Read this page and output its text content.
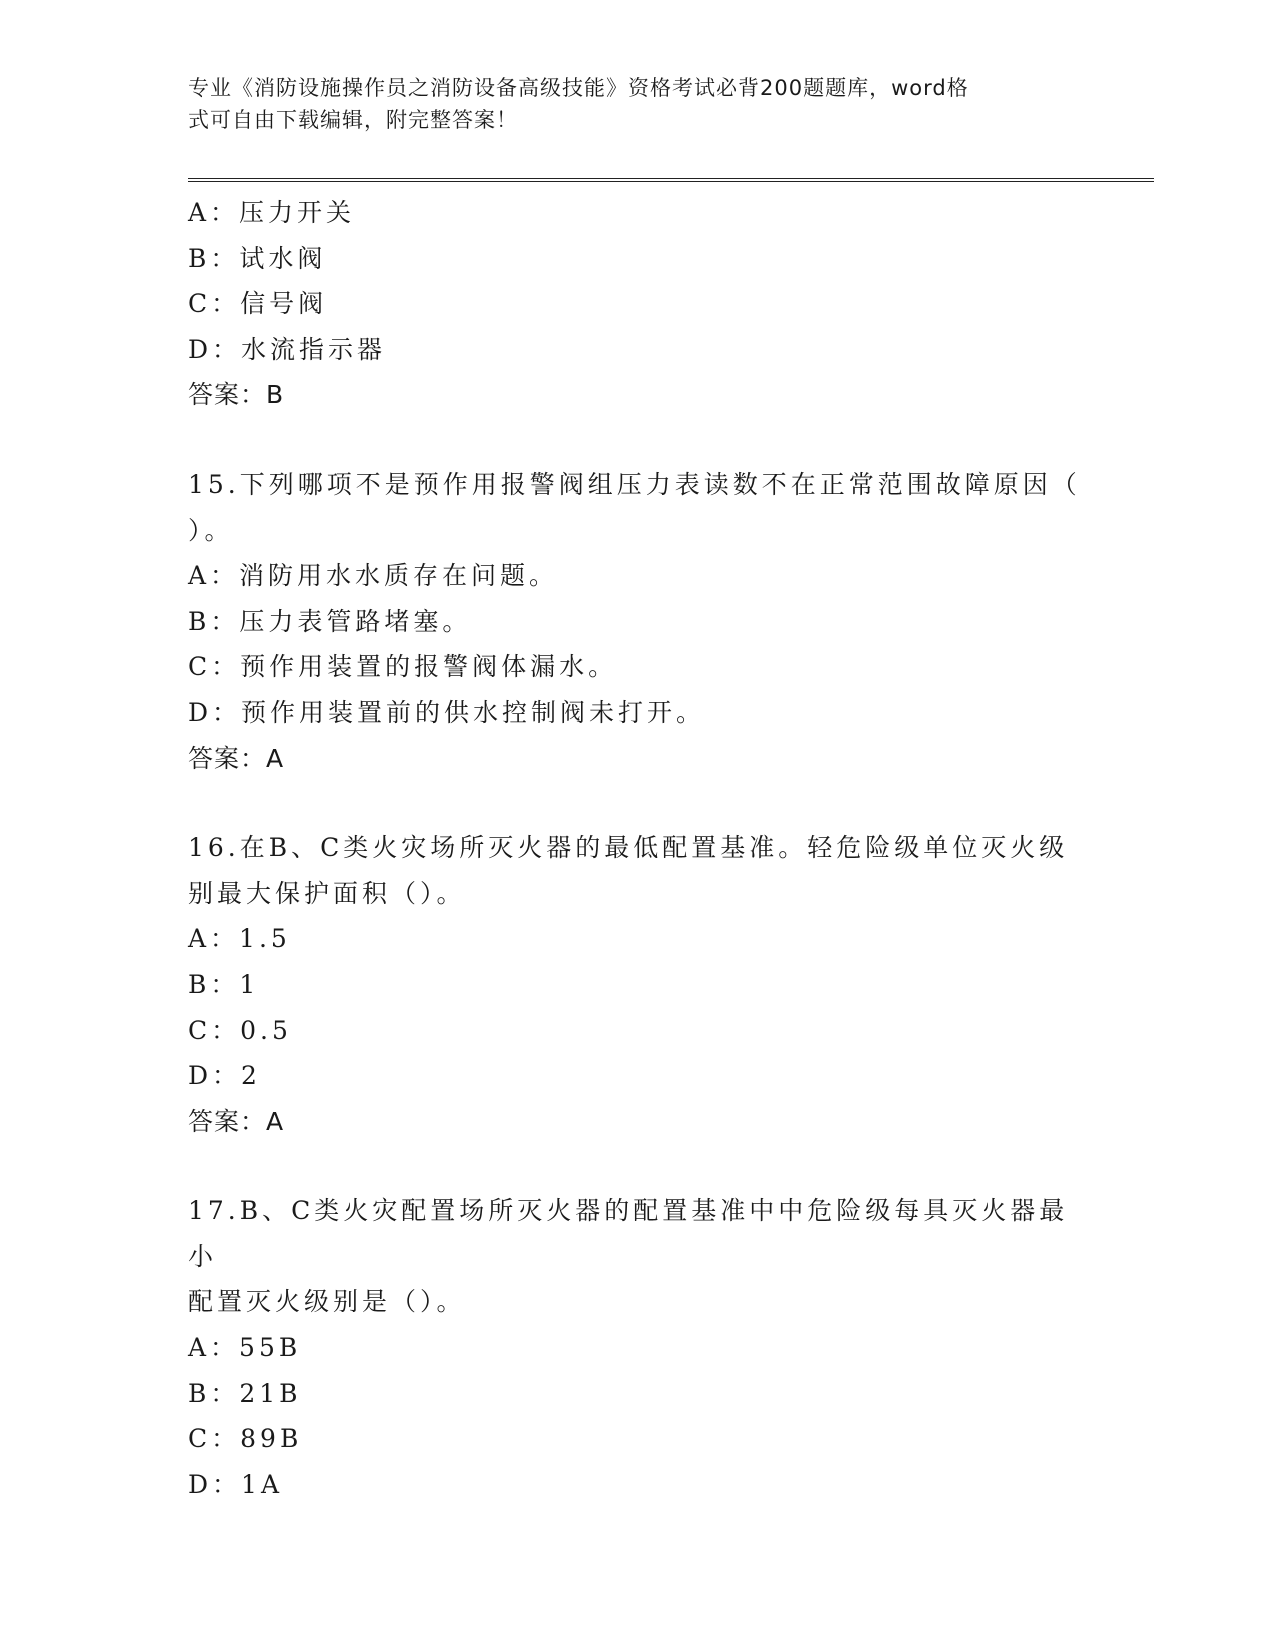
专业《消防设施操作员之消防设备高级技能》资格考试必背200题题库，word格
式可自由下载编辑，附完整答案！
A：压力开关
B：试水阀
C：信号阀
D：水流指示器
答案：B
15.下列哪项不是预作用报警阀组压力表读数不在正常范围故障原因（
）。
A：消防用水水质存在问题。
B：压力表管路堵塞。
C：预作用装置的报警阀体漏水。
D：预作用装置前的供水控制阀未打开。
答案：A
16.在B、C类火灾场所灭火器的最低配置基准。轻危险级单位灭火级
别最大保护面积（）。
A：1.5
B：1
C：0.5
D：2
答案：A
17.B、C类火灾配置场所灭火器的配置基准中中危险级每具灭火器最小
配置灭火级别是（）。
A：55B
B：21B
C：89B
D：1A
